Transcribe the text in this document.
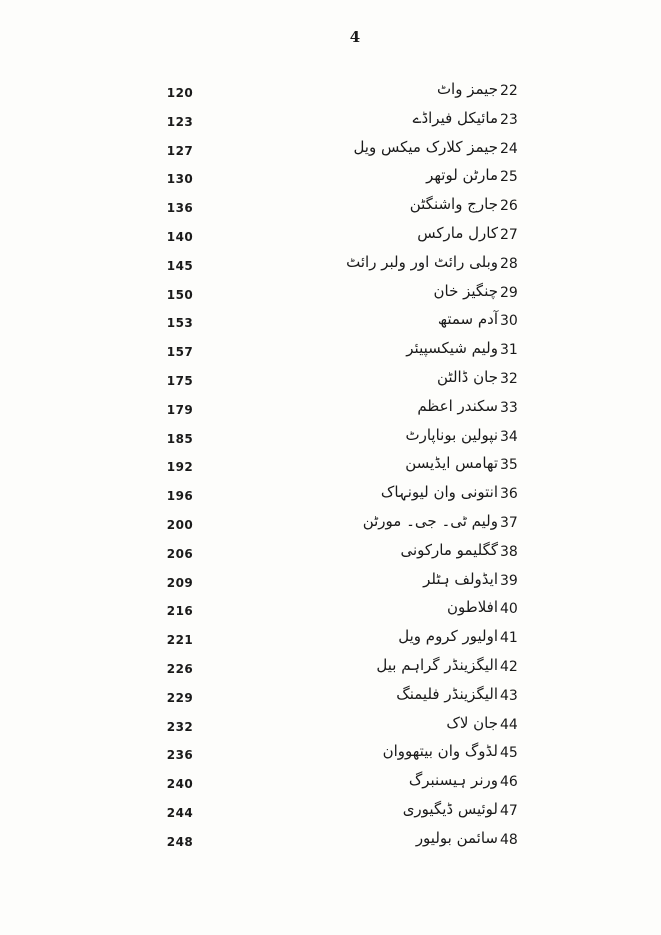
4
120	جیمز واٹ 22
123	مائیکل فیراڈے 23
127	جیمز کلارک میکس ویل 24
130	مارٹن لوتھر 25
136	جارج واشنگٹن 26
140	کارل مارکس 27
145	وبلی رائٹ اور ولبر رائٹ 28
150	چنگیز خان 29
153	آدم سمتھ 30
157	ولیم شیکسپیئر 31
175	جان ڈالٹن 32
179	سکندر اعظم 33
185	نپولین بوناپارٹ 34
192	تھامس ایڈیسن 35
196	انتونی وان لیونہاک 36
200	ولیم ٹی۔ جی۔ مورٹن 37
206	گگلیمو مارکونی 38
209	ایڈولف ہٹلر 39
216	افلاطون 40
221	اولیور کروم ویل 41
226	الیگزینڈر گراہم بیل 42
229	الیگزینڈر فلیمنگ 43
232	جان لاک 44
236	لڈوگ وان بیتھووان 45
240	ورنر ہیسنبرگ 46
244	لوئیس ڈیگیوری 47
248	سائمن بولیور 48
